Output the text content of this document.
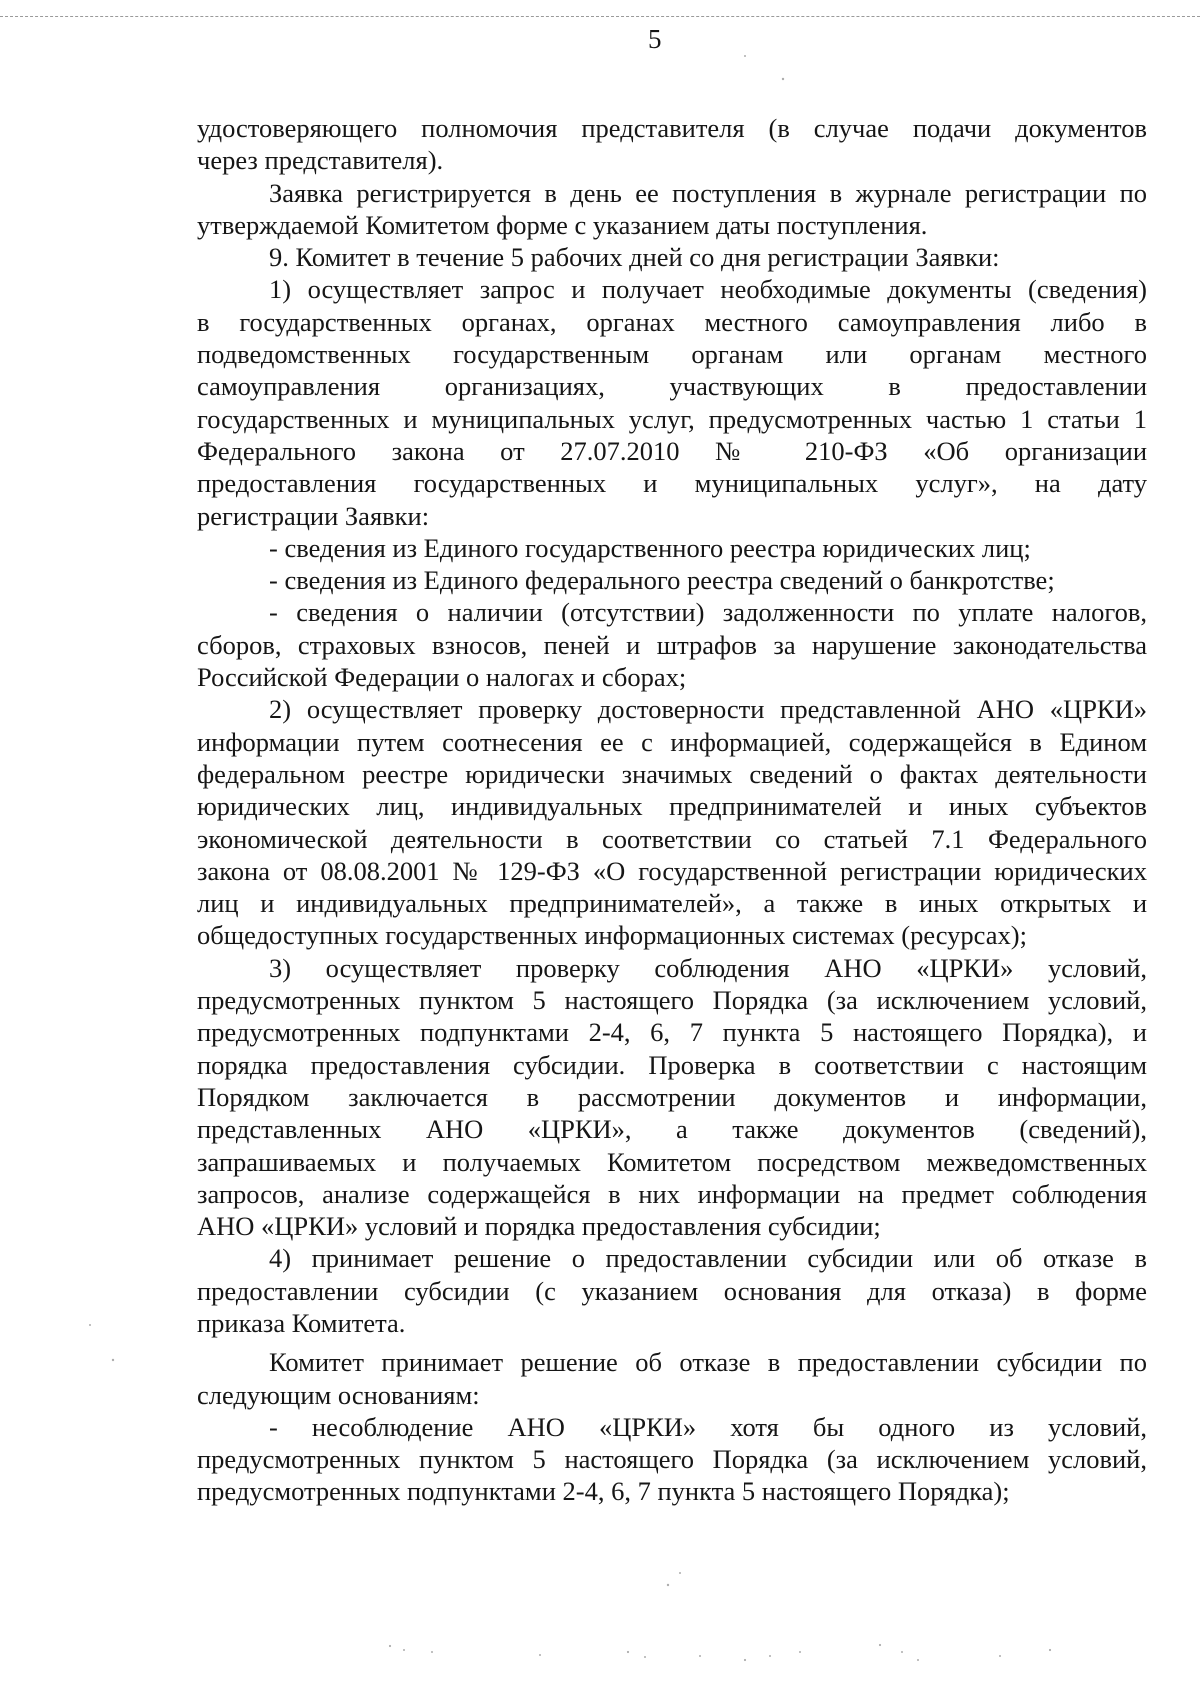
5
удостоверяющего полномочия представителя (в случае подачи документов
через представителя).
Заявка регистрируется в день ее поступления в журнале регистрации по
утверждаемой Комитетом форме с указанием даты поступления.
9. Комитет в течение 5 рабочих дней со дня регистрации Заявки:
1) осуществляет запрос и получает необходимые документы (сведения)
в государственных органах, органах местного самоуправления либо в
подведомственных государственным органам или органам местного
самоуправления организациях, участвующих в предоставлении
государственных и муниципальных услуг, предусмотренных частью 1 статьи 1
Федерального закона от 27.07.2010 № 210-ФЗ «Об организации
предоставления государственных и муниципальных услуг», на дату
регистрации Заявки:
- сведения из Единого государственного реестра юридических лиц;
- сведения из Единого федерального реестра сведений о банкротстве;
- сведения о наличии (отсутствии) задолженности по уплате налогов,
сборов, страховых взносов, пеней и штрафов за нарушение законодательства
Российской Федерации о налогах и сборах;
2) осуществляет проверку достоверности представленной АНО «ЦРКИ»
информации путем соотнесения ее с информацией, содержащейся в Едином
федеральном реестре юридически значимых сведений о фактах деятельности
юридических лиц, индивидуальных предпринимателей и иных субъектов
экономической деятельности в соответствии со статьей 7.1 Федерального
закона от 08.08.2001 № 129-ФЗ «О государственной регистрации юридических
лиц и индивидуальных предпринимателей», а также в иных открытых и
общедоступных государственных информационных системах (ресурсах);
3) осуществляет проверку соблюдения АНО «ЦРКИ» условий,
предусмотренных пунктом 5 настоящего Порядка (за исключением условий,
предусмотренных подпунктами 2-4, 6, 7 пункта 5 настоящего Порядка), и
порядка предоставления субсидии. Проверка в соответствии с настоящим
Порядком заключается в рассмотрении документов и информации,
представленных АНО «ЦРКИ», а также документов (сведений),
запрашиваемых и получаемых Комитетом посредством межведомственных
запросов, анализе содержащейся в них информации на предмет соблюдения
АНО «ЦРКИ» условий и порядка предоставления субсидии;
4) принимает решение о предоставлении субсидии или об отказе в
предоставлении субсидии (с указанием основания для отказа) в форме
приказа Комитета.
Комитет принимает решение об отказе в предоставлении субсидии по
следующим основаниям:
- несоблюдение АНО «ЦРКИ» хотя бы одного из условий,
предусмотренных пунктом 5 настоящего Порядка (за исключением условий,
предусмотренных подпунктами 2-4, 6, 7 пункта 5 настоящего Порядка);
